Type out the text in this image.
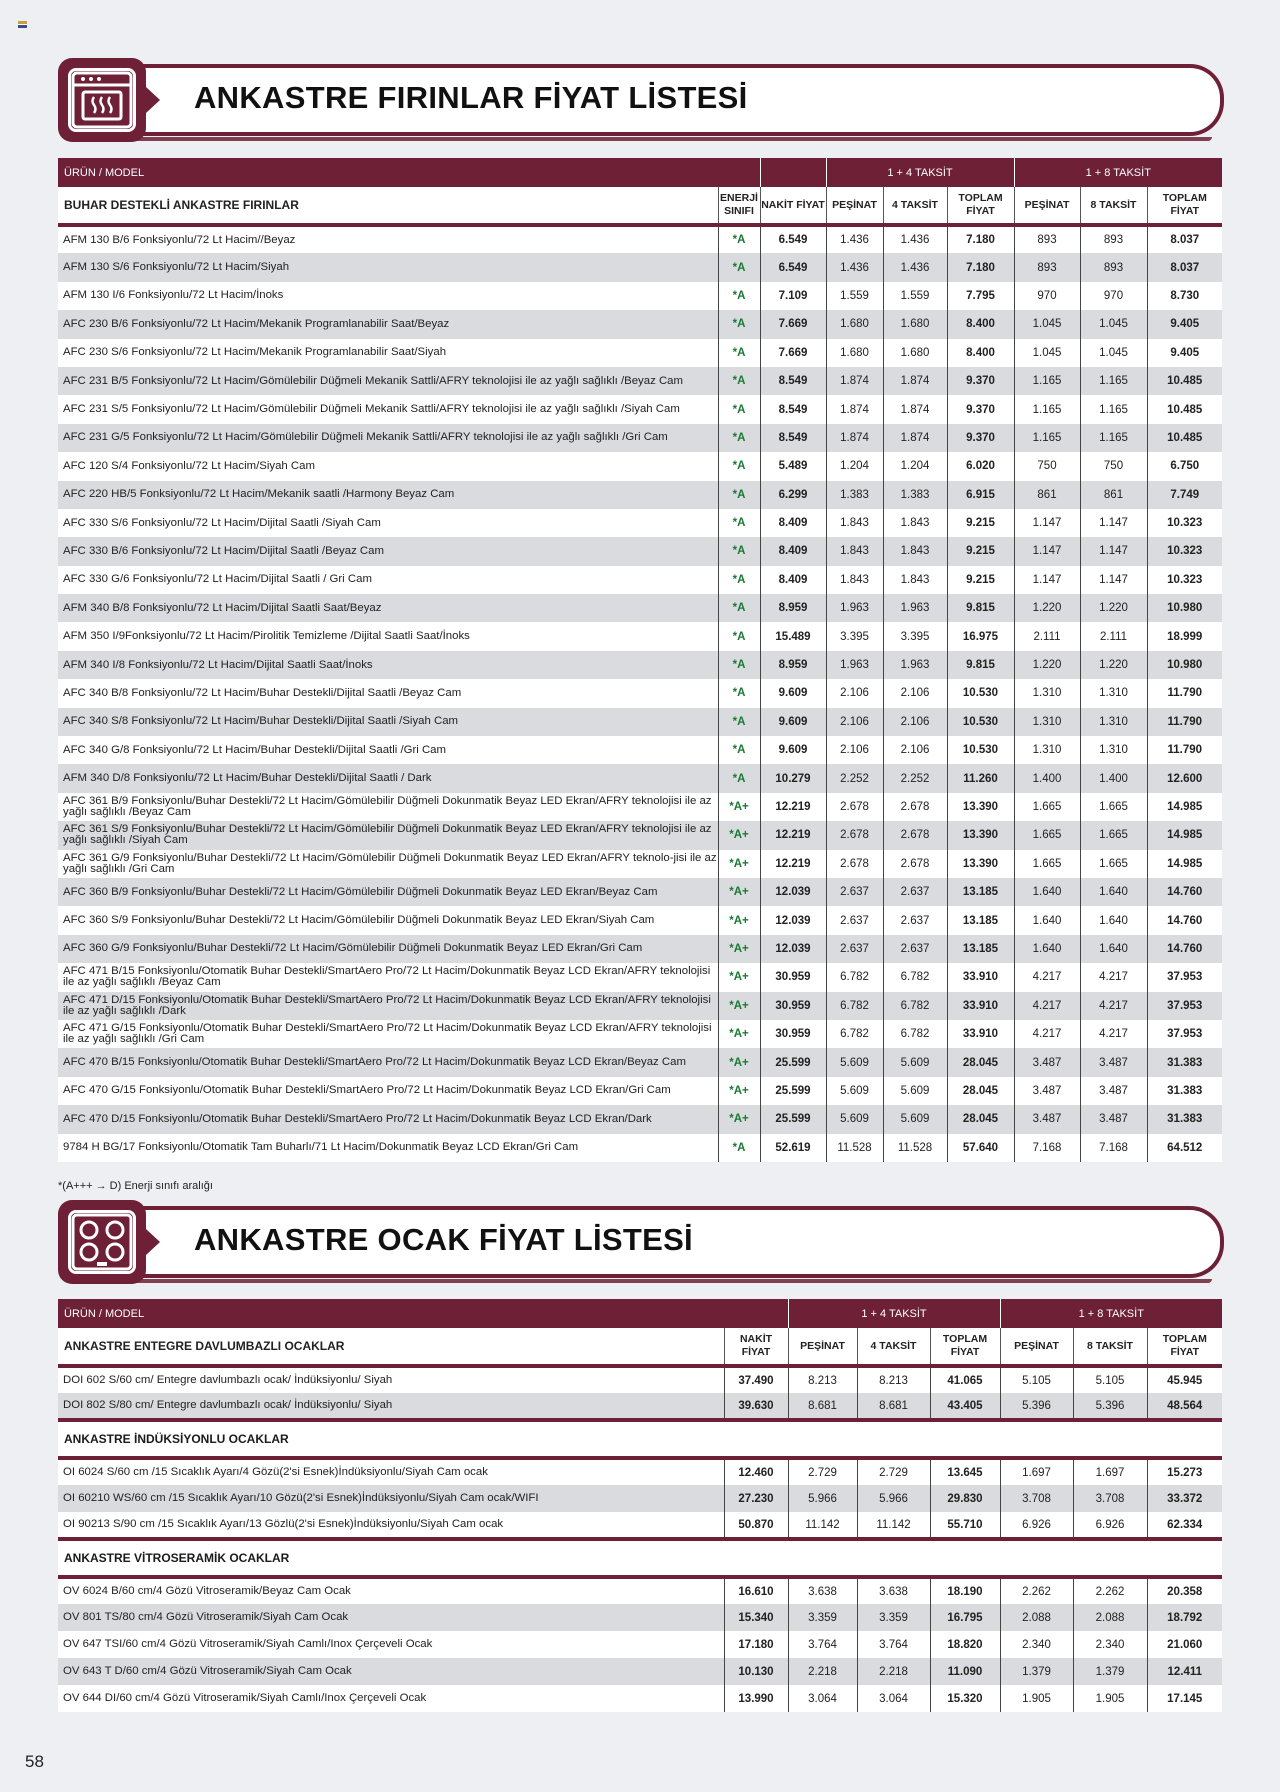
ANKASTRE FIRINLAR FİYAT LİSTESİ
ÜRÜN / MODEL			1 + 4 TAKSİT			1 + 8 TAKSİT		
BUHAR DESTEKLİ ANKASTRE FIRINLAR	ENERJİ SINIFI	NAKİT FİYAT	PEŞİNAT	4 TAKSİT	TOPLAM FİYAT	PEŞİNAT	8 TAKSİT	TOPLAM FİYAT
AFM 130 B/6 Fonksiyonlu/72 Lt Hacim//Beyaz	*A	6.549	1.436	1.436	7.180	893	893	8.037
AFM 130 S/6 Fonksiyonlu/72 Lt Hacim/Siyah	*A	6.549	1.436	1.436	7.180	893	893	8.037
AFM 130 I/6 Fonksiyonlu/72 Lt Hacim/İnoks	*A	7.109	1.559	1.559	7.795	970	970	8.730
AFC 230 B/6 Fonksiyonlu/72 Lt Hacim/Mekanik Programlanabilir Saat/Beyaz	*A	7.669	1.680	1.680	8.400	1.045	1.045	9.405
AFC 230 S/6 Fonksiyonlu/72 Lt Hacim/Mekanik Programlanabilir Saat/Siyah	*A	7.669	1.680	1.680	8.400	1.045	1.045	9.405
AFC 231 B/5 Fonksiyonlu/72 Lt Hacim/Gömülebilir Düğmeli Mekanik Sattli/AFRY teknolojisi ile az yağlı sağlıklı /Beyaz Cam	*A	8.549	1.874	1.874	9.370	1.165	1.165	10.485
AFC 231 S/5 Fonksiyonlu/72 Lt Hacim/Gömülebilir Düğmeli Mekanik Sattli/AFRY teknolojisi ile az yağlı sağlıklı /Siyah Cam	*A	8.549	1.874	1.874	9.370	1.165	1.165	10.485
AFC 231 G/5 Fonksiyonlu/72 Lt Hacim/Gömülebilir Düğmeli Mekanik Sattli/AFRY teknolojisi ile az yağlı sağlıklı /Gri Cam	*A	8.549	1.874	1.874	9.370	1.165	1.165	10.485
AFC 120 S/4 Fonksiyonlu/72 Lt Hacim/Siyah Cam	*A	5.489	1.204	1.204	6.020	750	750	6.750
AFC 220 HB/5 Fonksiyonlu/72 Lt Hacim/Mekanik saatli /Harmony Beyaz Cam	*A	6.299	1.383	1.383	6.915	861	861	7.749
AFC 330 S/6 Fonksiyonlu/72 Lt Hacim/Dijital Saatli /Siyah Cam	*A	8.409	1.843	1.843	9.215	1.147	1.147	10.323
AFC 330 B/6 Fonksiyonlu/72 Lt Hacim/Dijital Saatli /Beyaz Cam	*A	8.409	1.843	1.843	9.215	1.147	1.147	10.323
AFC 330 G/6 Fonksiyonlu/72 Lt Hacim/Dijital Saatli / Gri Cam	*A	8.409	1.843	1.843	9.215	1.147	1.147	10.323
AFM 340 B/8 Fonksiyonlu/72 Lt Hacim/Dijital Saatli Saat/Beyaz	*A	8.959	1.963	1.963	9.815	1.220	1.220	10.980
AFM 350 I/9Fonksiyonlu/72 Lt Hacim/Pirolitik Temizleme /Dijital Saatli Saat/İnoks	*A	15.489	3.395	3.395	16.975	2.111	2.111	18.999
AFM 340 I/8 Fonksiyonlu/72 Lt Hacim/Dijital Saatli Saat/İnoks	*A	8.959	1.963	1.963	9.815	1.220	1.220	10.980
AFC 340 B/8 Fonksiyonlu/72 Lt Hacim/Buhar Destekli/Dijital Saatli /Beyaz Cam	*A	9.609	2.106	2.106	10.530	1.310	1.310	11.790
AFC 340 S/8 Fonksiyonlu/72 Lt Hacim/Buhar Destekli/Dijital Saatli /Siyah Cam	*A	9.609	2.106	2.106	10.530	1.310	1.310	11.790
AFC 340 G/8 Fonksiyonlu/72 Lt Hacim/Buhar Destekli/Dijital Saatli /Gri Cam	*A	9.609	2.106	2.106	10.530	1.310	1.310	11.790
AFM 340 D/8 Fonksiyonlu/72 Lt Hacim/Buhar Destekli/Dijital Saatli / Dark	*A	10.279	2.252	2.252	11.260	1.400	1.400	12.600
AFC 361 B/9 Fonksiyonlu/Buhar Destekli/72 Lt Hacim/Gömülebilir Düğmeli Dokunmatik Beyaz LED Ekran/AFRY teknolojisi ile az yağlı sağlıklı /Beyaz Cam	*A+	12.219	2.678	2.678	13.390	1.665	1.665	14.985
AFC 361 S/9 Fonksiyonlu/Buhar Destekli/72 Lt Hacim/Gömülebilir Düğmeli Dokunmatik Beyaz LED Ekran/AFRY teknolojisi ile az yağlı sağlıklı /Siyah Cam	*A+	12.219	2.678	2.678	13.390	1.665	1.665	14.985
AFC 361 G/9 Fonksiyonlu/Buhar Destekli/72 Lt Hacim/Gömülebilir Düğmeli Dokunmatik Beyaz LED Ekran/AFRY teknolo-jisi ile az yağlı sağlıklı /Gri Cam	*A+	12.219	2.678	2.678	13.390	1.665	1.665	14.985
AFC 360 B/9 Fonksiyonlu/Buhar Destekli/72 Lt Hacim/Gömülebilir Düğmeli Dokunmatik Beyaz LED Ekran/Beyaz Cam	*A+	12.039	2.637	2.637	13.185	1.640	1.640	14.760
AFC 360 S/9 Fonksiyonlu/Buhar Destekli/72 Lt Hacim/Gömülebilir Düğmeli Dokunmatik Beyaz LED Ekran/Siyah Cam	*A+	12.039	2.637	2.637	13.185	1.640	1.640	14.760
AFC 360 G/9 Fonksiyonlu/Buhar Destekli/72 Lt Hacim/Gömülebilir Düğmeli Dokunmatik Beyaz LED Ekran/Gri Cam	*A+	12.039	2.637	2.637	13.185	1.640	1.640	14.760
AFC 471 B/15 Fonksiyonlu/Otomatik Buhar Destekli/SmartAero Pro/72 Lt Hacim/Dokunmatik Beyaz LCD Ekran/AFRY teknolojisi ile az yağlı sağlıklı /Beyaz Cam	*A+	30.959	6.782	6.782	33.910	4.217	4.217	37.953
AFC 471 D/15 Fonksiyonlu/Otomatik Buhar Destekli/SmartAero Pro/72 Lt Hacim/Dokunmatik Beyaz LCD Ekran/AFRY teknolojisi ile az yağlı sağlıklı /Dark	*A+	30.959	6.782	6.782	33.910	4.217	4.217	37.953
AFC 471 G/15 Fonksiyonlu/Otomatik Buhar Destekli/SmartAero Pro/72 Lt Hacim/Dokunmatik Beyaz LCD Ekran/AFRY teknolojisi ile az yağlı sağlıklı /Gri Cam	*A+	30.959	6.782	6.782	33.910	4.217	4.217	37.953
AFC 470 B/15 Fonksiyonlu/Otomatik Buhar Destekli/SmartAero Pro/72 Lt Hacim/Dokunmatik Beyaz LCD Ekran/Beyaz Cam	*A+	25.599	5.609	5.609	28.045	3.487	3.487	31.383
AFC 470 G/15 Fonksiyonlu/Otomatik Buhar Destekli/SmartAero Pro/72 Lt Hacim/Dokunmatik Beyaz LCD Ekran/Gri Cam	*A+	25.599	5.609	5.609	28.045	3.487	3.487	31.383
AFC 470 D/15 Fonksiyonlu/Otomatik Buhar Destekli/SmartAero Pro/72 Lt Hacim/Dokunmatik Beyaz LCD Ekran/Dark	*A+	25.599	5.609	5.609	28.045	3.487	3.487	31.383
9784 H BG/17 Fonksiyonlu/Otomatik Tam Buharlı/71 Lt Hacim/Dokunmatik Beyaz LCD Ekran/Gri Cam	*A	52.619	11.528	11.528	57.640	7.168	7.168	64.512
*(A+++ → D) Enerji sınıfı aralığı
ANKASTRE OCAK FİYAT LİSTESİ
ÜRÜN / MODEL		1 + 4 TAKSİT			1 + 8 TAKSİT		
ANKASTRE ENTEGRE DAVLUMBAZLI OCAKLAR	NAKİT FİYAT	PEŞİNAT	4 TAKSİT	TOPLAM FİYAT	PEŞİNAT	8 TAKSİT	TOPLAM FİYAT
DOI 602 S/60 cm/ Entegre davlumbazlı ocak/ İndüksiyonlu/ Siyah	37.490	8.213	8.213	41.065	5.105	5.105	45.945
DOI 802 S/80 cm/ Entegre davlumbazlı ocak/ İndüksiyonlu/ Siyah	39.630	8.681	8.681	43.405	5.396	5.396	48.564
ANKASTRE İNDÜKSİYONLU OCAKLAR							
OI 6024 S/60 cm /15 Sıcaklık Ayarı/4 Gözü(2'si Esnek)İndüksiyonlu/Siyah Cam ocak	12.460	2.729	2.729	13.645	1.697	1.697	15.273
OI 60210 WS/60 cm /15 Sıcaklık Ayarı/10 Gözü(2'si Esnek)İndüksiyonlu/Siyah Cam ocak/WIFI	27.230	5.966	5.966	29.830	3.708	3.708	33.372
OI 90213 S/90 cm /15 Sıcaklık Ayarı/13 Gözlü(2'si Esnek)İndüksiyonlu/Siyah Cam ocak	50.870	11.142	11.142	55.710	6.926	6.926	62.334
ANKASTRE VİTROSERAMİK OCAKLAR							
OV 6024 B/60 cm/4 Gözü Vitroseramik/Beyaz Cam Ocak	16.610	3.638	3.638	18.190	2.262	2.262	20.358
OV 801 TS/80 cm/4 Gözü Vitroseramik/Siyah Cam Ocak	15.340	3.359	3.359	16.795	2.088	2.088	18.792
OV 647 TSI/60 cm/4 Gözü Vitroseramik/Siyah Camlı/Inox Çerçeveli Ocak	17.180	3.764	3.764	18.820	2.340	2.340	21.060
OV 643 T D/60 cm/4 Gözü Vitroseramik/Siyah Cam Ocak	10.130	2.218	2.218	11.090	1.379	1.379	12.411
OV 644 DI/60 cm/4 Gözü Vitroseramik/Siyah Camlı/Inox Çerçeveli Ocak	13.990	3.064	3.064	15.320	1.905	1.905	17.145
58
